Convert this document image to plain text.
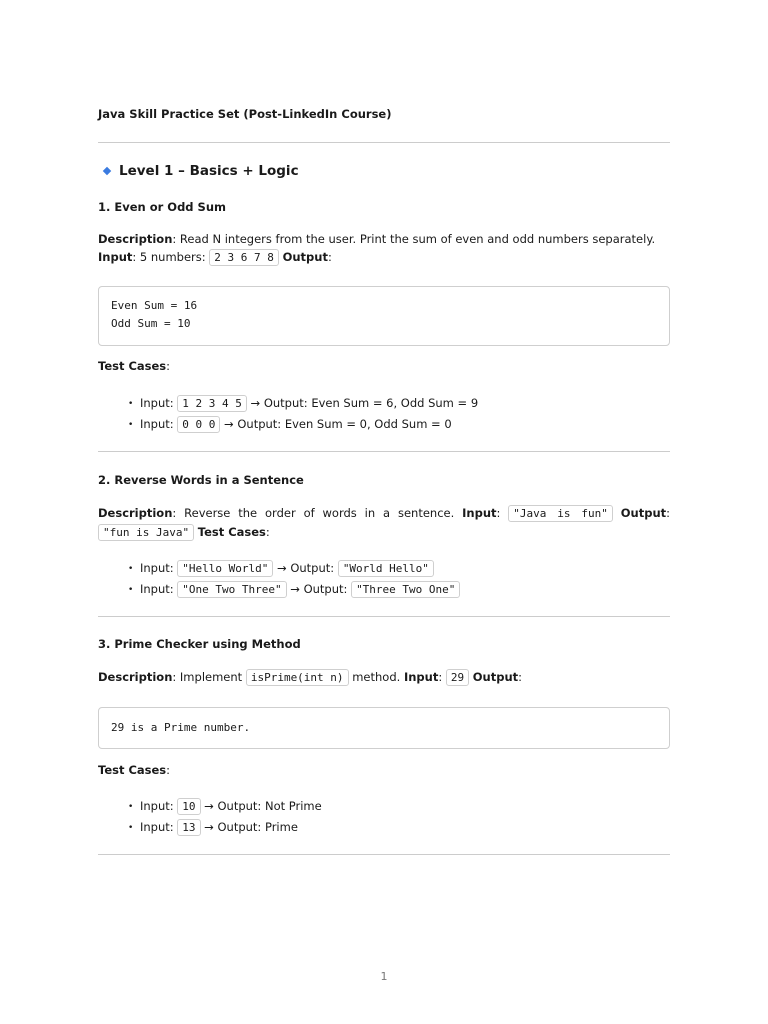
Java Skill Practice Set (Post-LinkedIn Course)
Level 1 – Basics + Logic
1. Even or Odd Sum
Description: Read N integers from the user. Print the sum of even and odd numbers separately. Input: 5 numbers: 2 3 6 7 8 Output:
Even Sum = 16
Odd Sum = 10
Test Cases:
• Input: 1 2 3 4 5 → Output: Even Sum = 6, Odd Sum = 9
• Input: 0 0 0 → Output: Even Sum = 0, Odd Sum = 0
2. Reverse Words in a Sentence
Description: Reverse the order of words in a sentence. Input: "Java is fun" Output: "fun is Java" Test Cases:
• Input: "Hello World" → Output: "World Hello"
• Input: "One Two Three" → Output: "Three Two One"
3. Prime Checker using Method
Description: Implement isPrime(int n) method. Input: 29 Output:
29 is a Prime number.
Test Cases:
• Input: 10 → Output: Not Prime
• Input: 13 → Output: Prime
1
